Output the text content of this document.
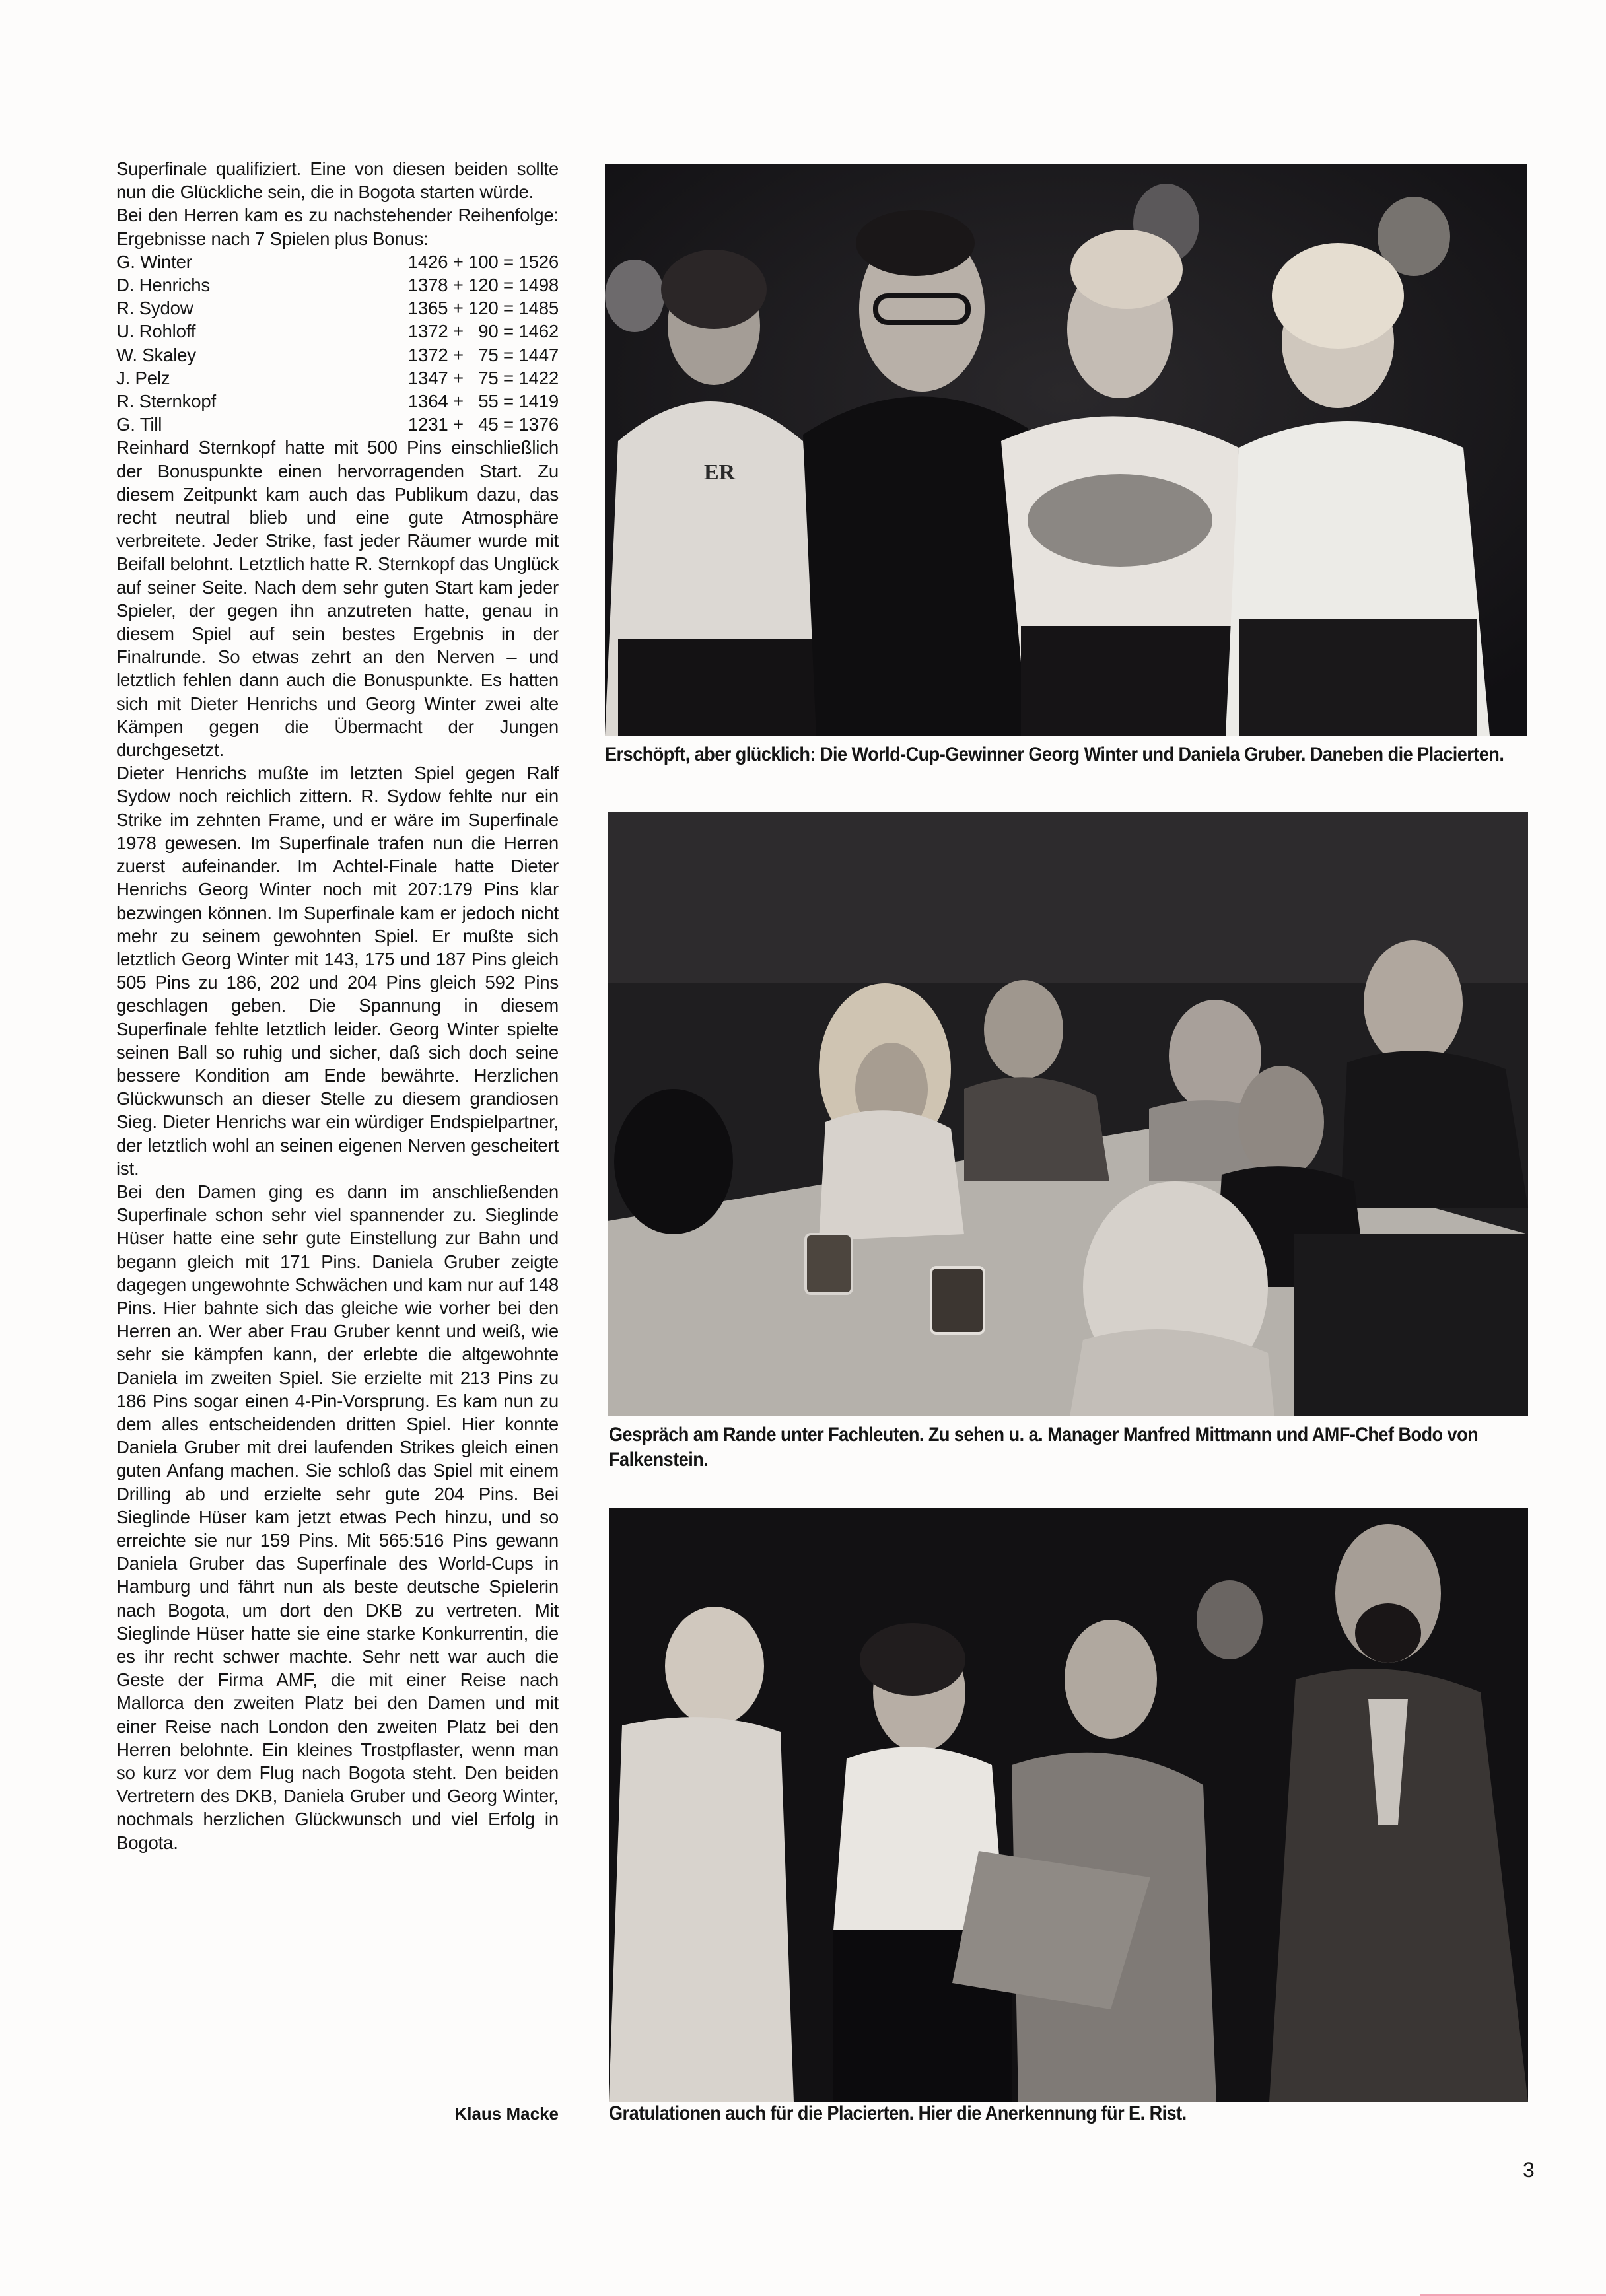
Superfinale qualifiziert. Eine von diesen beiden sollte nun die Glückliche sein, die in Bogota starten würde.

Bei den Herren kam es zu nachstehender Reihenfolge: Ergebnisse nach 7 Spielen plus Bonus:

G. Winter	1426 + 100 = 1526
D. Henrichs	1378 + 120 = 1498
R. Sydow	1365 + 120 = 1485
U. Rohloff	1372 +   90 = 1462
W. Skaley	1372 +   75 = 1447
J. Pelz	1347 +   75 = 1422
R. Sternkopf	1364 +   55 = 1419
G. Till	1231 +   45 = 1376

Reinhard Sternkopf hatte mit 500 Pins einschließlich der Bonuspunkte einen hervorragenden Start. Zu diesem Zeitpunkt kam auch das Publikum dazu, das recht neutral blieb und eine gute Atmosphäre verbreitete. Jeder Strike, fast jeder Räumer wurde mit Beifall belohnt. Letztlich hatte R. Sternkopf das Unglück auf seiner Seite. Nach dem sehr guten Start kam jeder Spieler, der gegen ihn anzutreten hatte, genau in diesem Spiel auf sein bestes Ergebnis in der Finalrunde. So etwas zehrt an den Nerven – und letztlich fehlen dann auch die Bonuspunkte. Es hatten sich mit Dieter Henrichs und Georg Winter zwei alte Kämpen gegen die Übermacht der Jungen durchgesetzt.

Dieter Henrichs mußte im letzten Spiel gegen Ralf Sydow noch reichlich zittern. R. Sydow fehlte nur ein Strike im zehnten Frame, und er wäre im Superfinale 1978 gewesen. Im Superfinale trafen nun die Herren zuerst aufeinander. Im Achtel-Finale hatte Dieter Henrichs Georg Winter noch mit 207:179 Pins klar bezwingen können. Im Superfinale kam er jedoch nicht mehr zu seinem gewohnten Spiel. Er mußte sich letztlich Georg Winter mit 143, 175 und 187 Pins gleich 505 Pins zu 186, 202 und 204 Pins gleich 592 Pins geschlagen geben. Die Spannung in diesem Superfinale fehlte letztlich leider. Georg Winter spielte seinen Ball so ruhig und sicher, daß sich doch seine bessere Kondition am Ende bewährte. Herzlichen Glückwunsch an dieser Stelle zu diesem grandiosen Sieg. Dieter Henrichs war ein würdiger Endspielpartner, der letztlich wohl an seinen eigenen Nerven gescheitert ist.

Bei den Damen ging es dann im anschließenden Superfinale schon sehr viel spannender zu. Sieglinde Hüser hatte eine sehr gute Einstellung zur Bahn und begann gleich mit 171 Pins. Daniela Gruber zeigte dagegen ungewohnte Schwächen und kam nur auf 148 Pins. Hier bahnte sich das gleiche wie vorher bei den Herren an. Wer aber Frau Gruber kennt und weiß, wie sehr sie kämpfen kann, der erlebte die altgewohnte Daniela im zweiten Spiel. Sie erzielte mit 213 Pins zu 186 Pins sogar einen 4-Pin-Vorsprung. Es kam nun zu dem alles entscheidenden dritten Spiel. Hier konnte Daniela Gruber mit drei laufenden Strikes gleich einen guten Anfang machen. Sie schloß das Spiel mit einem Drilling ab und erzielte sehr gute 204 Pins. Bei Sieglinde Hüser kam jetzt etwas Pech hinzu, und so erreichte sie nur 159 Pins. Mit 565:516 Pins gewann Daniela Gruber das Superfinale des World-Cups in Hamburg und fährt nun als beste deutsche Spielerin nach Bogota, um dort den DKB zu vertreten. Mit Sieglinde Hüser hatte sie eine starke Konkurrentin, die es ihr recht schwer machte. Sehr nett war auch die Geste der Firma AMF, die mit einer Reise nach Mallorca den zweiten Platz bei den Damen und mit einer Reise nach London den zweiten Platz bei den Herren belohnte. Ein kleines Trostpflaster, wenn man so kurz vor dem Flug nach Bogota steht. Den beiden Vertretern des DKB, Daniela Gruber und Georg Winter, nochmals herzlichen Glückwunsch und viel Erfolg in Bogota.

Klaus Macke
ER
Erschöpft, aber glücklich: Die World-Cup-Gewinner Georg Winter und Daniela Gruber. Daneben die Placierten.
Gespräch am Rande unter Fachleuten. Zu sehen u. a. Manager Manfred Mittmann und AMF-Chef Bodo von Falkenstein.
Gratulationen auch für die Placierten. Hier die Anerkennung für E. Rist.
3
